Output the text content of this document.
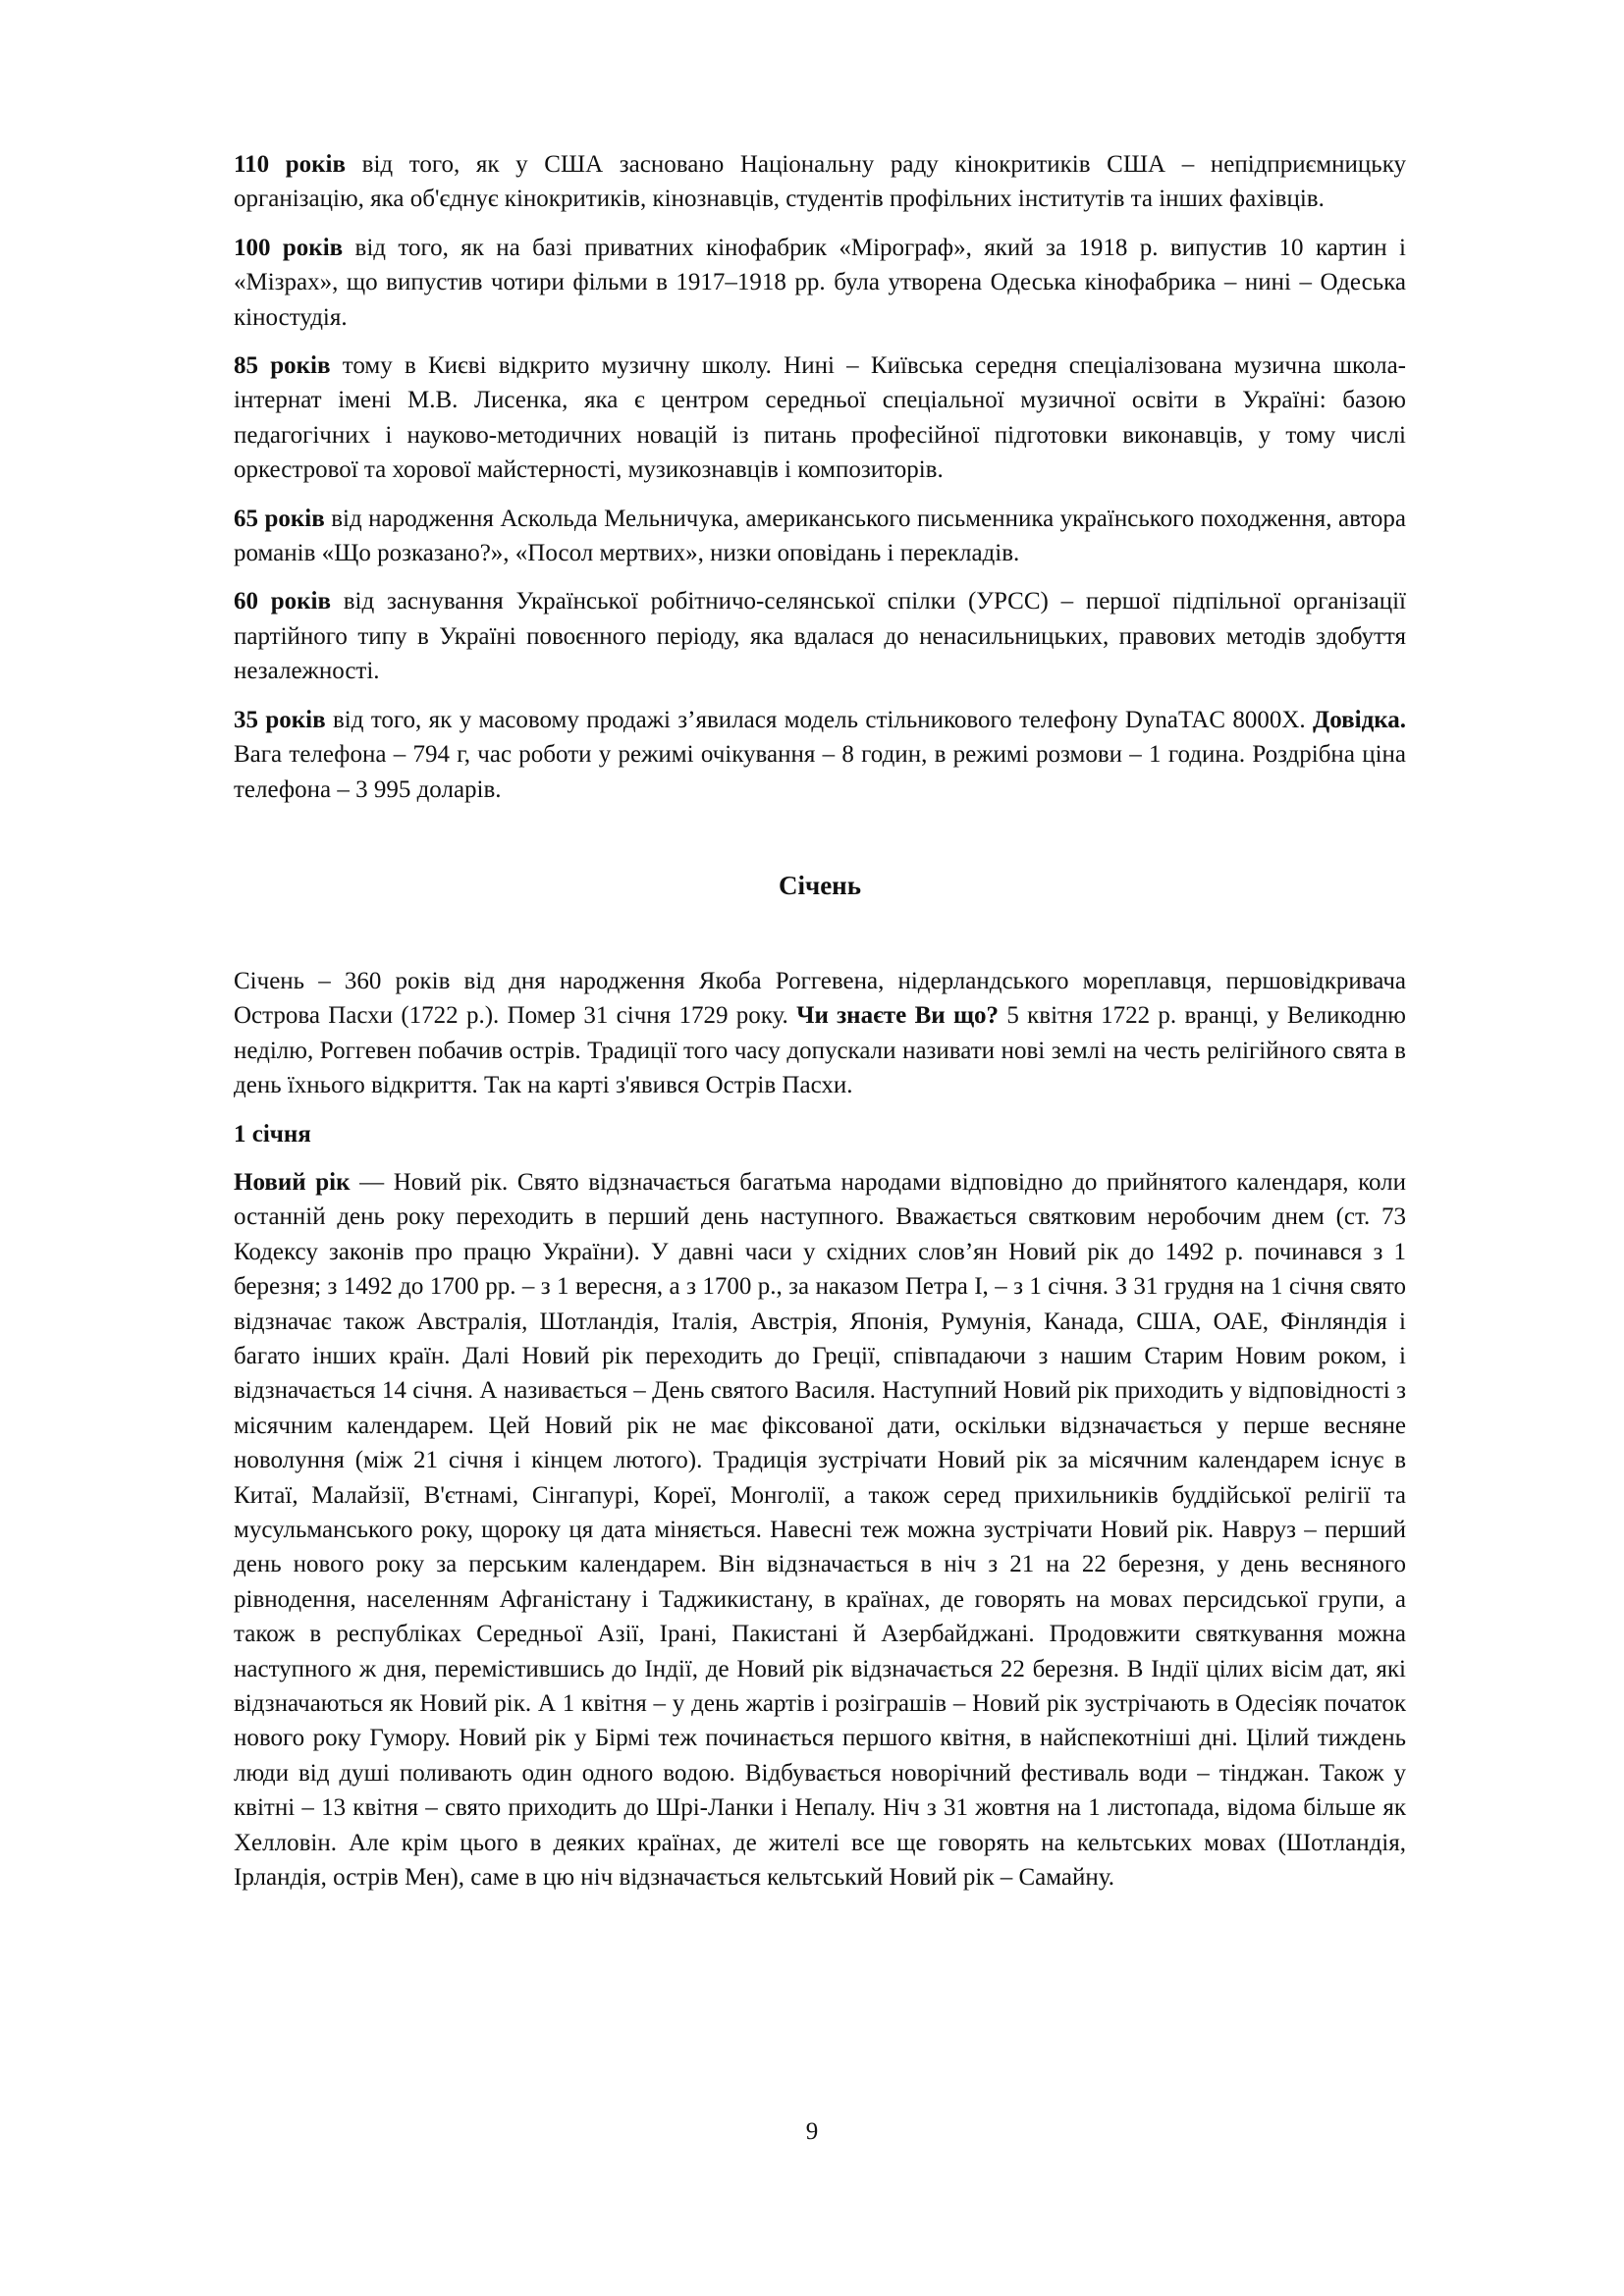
110 років від того, як у США засновано Національну раду кінокритиків США – непідприємницьку організацію, яка об'єднує кінокритиків, кінознавців, студентів профільних інститутів та інших фахівців.

100 років від того, як на базі приватних кінофабрик «Мірограф», який за 1918 р. випустив 10 картин і «Мізрах», що випустив чотири фільми в 1917–1918 рр. була утворена Одеська кінофабрика – нині – Одеська кіностудія.

85 років тому в Києві відкрито музичну школу. Нині – Київська середня спеціалізована музична школа-інтернат імені М.В. Лисенка, яка є центром середньої спеціальної музичної освіти в Україні: базою педагогічних і науково-методичних новацій із питань професійної підготовки виконавців, у тому числі оркестрової та хорової майстерності, музикознавців і композиторів.

65 років від народження Аскольда Мельничука, американського письменника українського походження, автора романів «Що розказано?», «Посол мертвих», низки оповідань і перекладів.

60 років від заснування Української робітничо-селянської спілки (УРСС) – першої підпільної організації партійного типу в Україні повоєнного періоду, яка вдалася до ненасильницьких, правових методів здобуття незалежності.

35 років від того, як у масовому продажі з’явилася модель стільникового телефону DynaTAC 8000X. Довідка. Вага телефона – 794 г, час роботи у режимі очікування – 8 годин, в режимі розмови – 1 година. Роздрібна ціна телефона – 3 995 доларів.

Січень

Січень – 360 років від дня народження Якоба Роггевена, нідерландського мореплавця, першовідкривача Острова Пасхи (1722 р.). Помер 31 січня 1729 року. Чи знаєте Ви що? 5 квітня 1722 р. вранці, у Великодню неділю, Роггевен побачив острів. Традиції того часу допускали називати нові землі на честь релігійного свята в день їхнього відкриття. Так на карті з'явився Острів Пасхи.

1 січня

Новий рік — Новий рік. Свято відзначається багатьма народами відповідно до прийнятого календаря, коли останній день року переходить в перший день наступного. Вважається святковим неробочим днем (ст. 73 Кодексу законів про працю України). У давні часи у східних слов’ян Новий рік до 1492 р. починався з 1 березня; з 1492 до 1700 рр. – з 1 вересня, а з 1700 р., за наказом Петра І, – з 1 січня. З 31 грудня на 1 січня свято відзначає також Австралія, Шотландія, Італія, Австрія, Японія, Румунія, Канада, США, ОАЕ, Фінляндія і багато інших країн. Далі Новий рік переходить до Греції, співпадаючи з нашим Старим Новим роком, і відзначається 14 січня. А називається – День святого Василя. Наступний Новий рік приходить у відповідності з місячним календарем. Цей Новий рік не має фіксованої дати, оскільки відзначається у перше весняне новолуння (між 21 січня і кінцем лютого). Традиція зустрічати Новий рік за місячним календарем існує в Китаї, Малайзії, В'єтнамі, Сінгапурі, Кореї, Монголії, а також серед прихильників буддійської релігії та мусульманського року, щороку ця дата міняється. Навесні теж можна зустрічати Новий рік. Навруз – перший день нового року за перським календарем. Він відзначається в ніч з 21 на 22 березня, у день весняного рівнодення, населенням Афганістану і Таджикистану, в країнах, де говорять на мовах персидської групи, а також в республіках Середньої Азії, Ірані, Пакистані й Азербайджані. Продовжити святкування можна наступного ж дня, перемістившись до Індії, де Новий рік відзначається 22 березня. В Індії цілих вісім дат, які відзначаються як Новий рік. А 1 квітня – у день жартів і розіграшів – Новий рік зустрічають в Одесіяк початок нового року Гумору. Новий рік у Бірмі теж починається першого квітня, в найспекотніші дні. Цілий тиждень люди від душі поливають один одного водою. Відбувається новорічний фестиваль води – тінджан. Також у квітні – 13 квітня – свято приходить до Шрі-Ланки і Непалу. Ніч з 31 жовтня на 1 листопада, відома більше як Хелловін. Але крім цього в деяких країнах, де жителі все ще говорять на кельтських мовах (Шотландія, Ірландія, острів Мен), саме в цю ніч відзначається кельтський Новий рік – Самайну.

9
